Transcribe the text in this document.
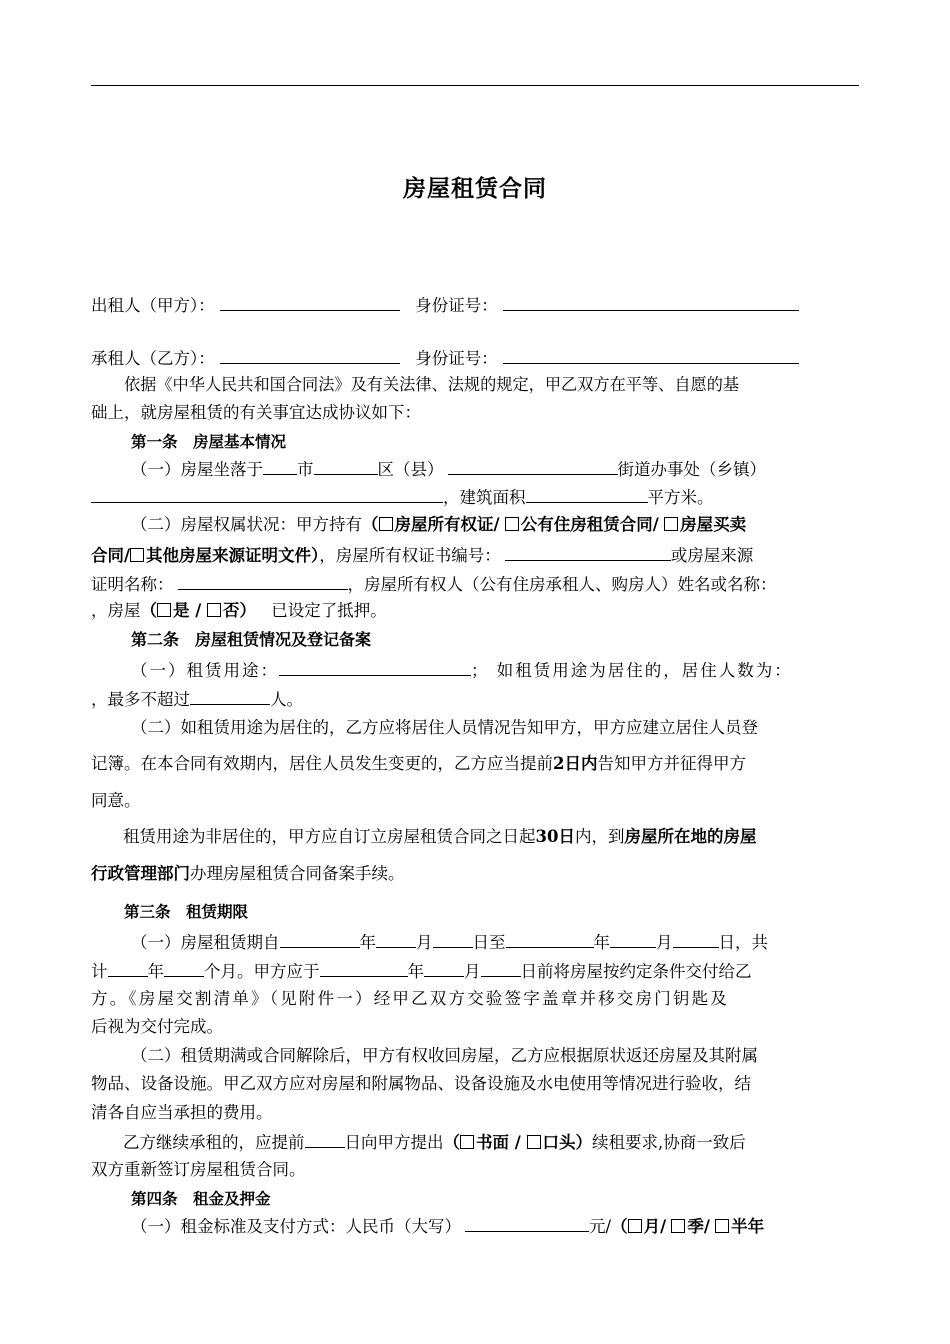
房屋租赁合同
出租人（甲方）：	身份证号：
承租人（乙方）：	身份证号：
依据《中华人民共和国合同法》及有关法律、法规的规定，甲乙双方在平等、自愿的基
础上，就房屋租赁的有关事宜达成协议如下：
第一条　房屋基本情况
（一）房屋坐落于 市	区（县）	街道办事处（乡镇）
，建筑面积	平方米。
（二）房屋权属状况：甲方持有（ 房屋所有权证/ 公有住房租赁合同/ 房屋买卖
合同/ 其他房屋来源证明文件），房屋所有权证书编号：	或房屋来源
证明名称：	，房屋所有权人（公有住房承租人、购房人）姓名或名称：
，房屋（ 是 / 否） 已设定了抵押。
第二条　房屋租赁情况及登记备案
（一）租赁用途：	； 如租赁用途为居住的，居住人数为：
，最多不超过	人。
（二）如租赁用途为居住的，乙方应将居住人员情况告知甲方，甲方应建立居住人员登
记簿。在本合同有效期内，居住人员发生变更的，乙方应当提前2日内告知甲方并征得甲方
同意。
租赁用途为非居住的，甲方应自订立房屋租赁合同之日起30日内，到房屋所在地的房屋
行政管理部门办理房屋租赁合同备案手续。
第三条　租赁期限
（一）房屋租赁期自	年 月 日至	年	月	日，共
计 年 个月。甲方应于	年 月 日前将房屋按约定条件交付给乙
方。《房屋交割清单》（见附件一）经甲乙双方交验签字盖章并移交房门钥匙及
后视为交付完成。
（二）租赁期满或合同解除后，甲方有权收回房屋，乙方应根据原状返还房屋及其附属
物品、设备设施。甲乙双方应对房屋和附属物品、设备设施及水电使用等情况进行验收，结
清各自应当承担的费用。
乙方继续承租的，应提前 日向甲方提出（ 书面 / 口头）续租要求,协商一致后
双方重新签订房屋租赁合同。
第四条　租金及押金
（一）租金标准及支付方式：人民币（大写）	元/（ 月/ 季/ 半年
